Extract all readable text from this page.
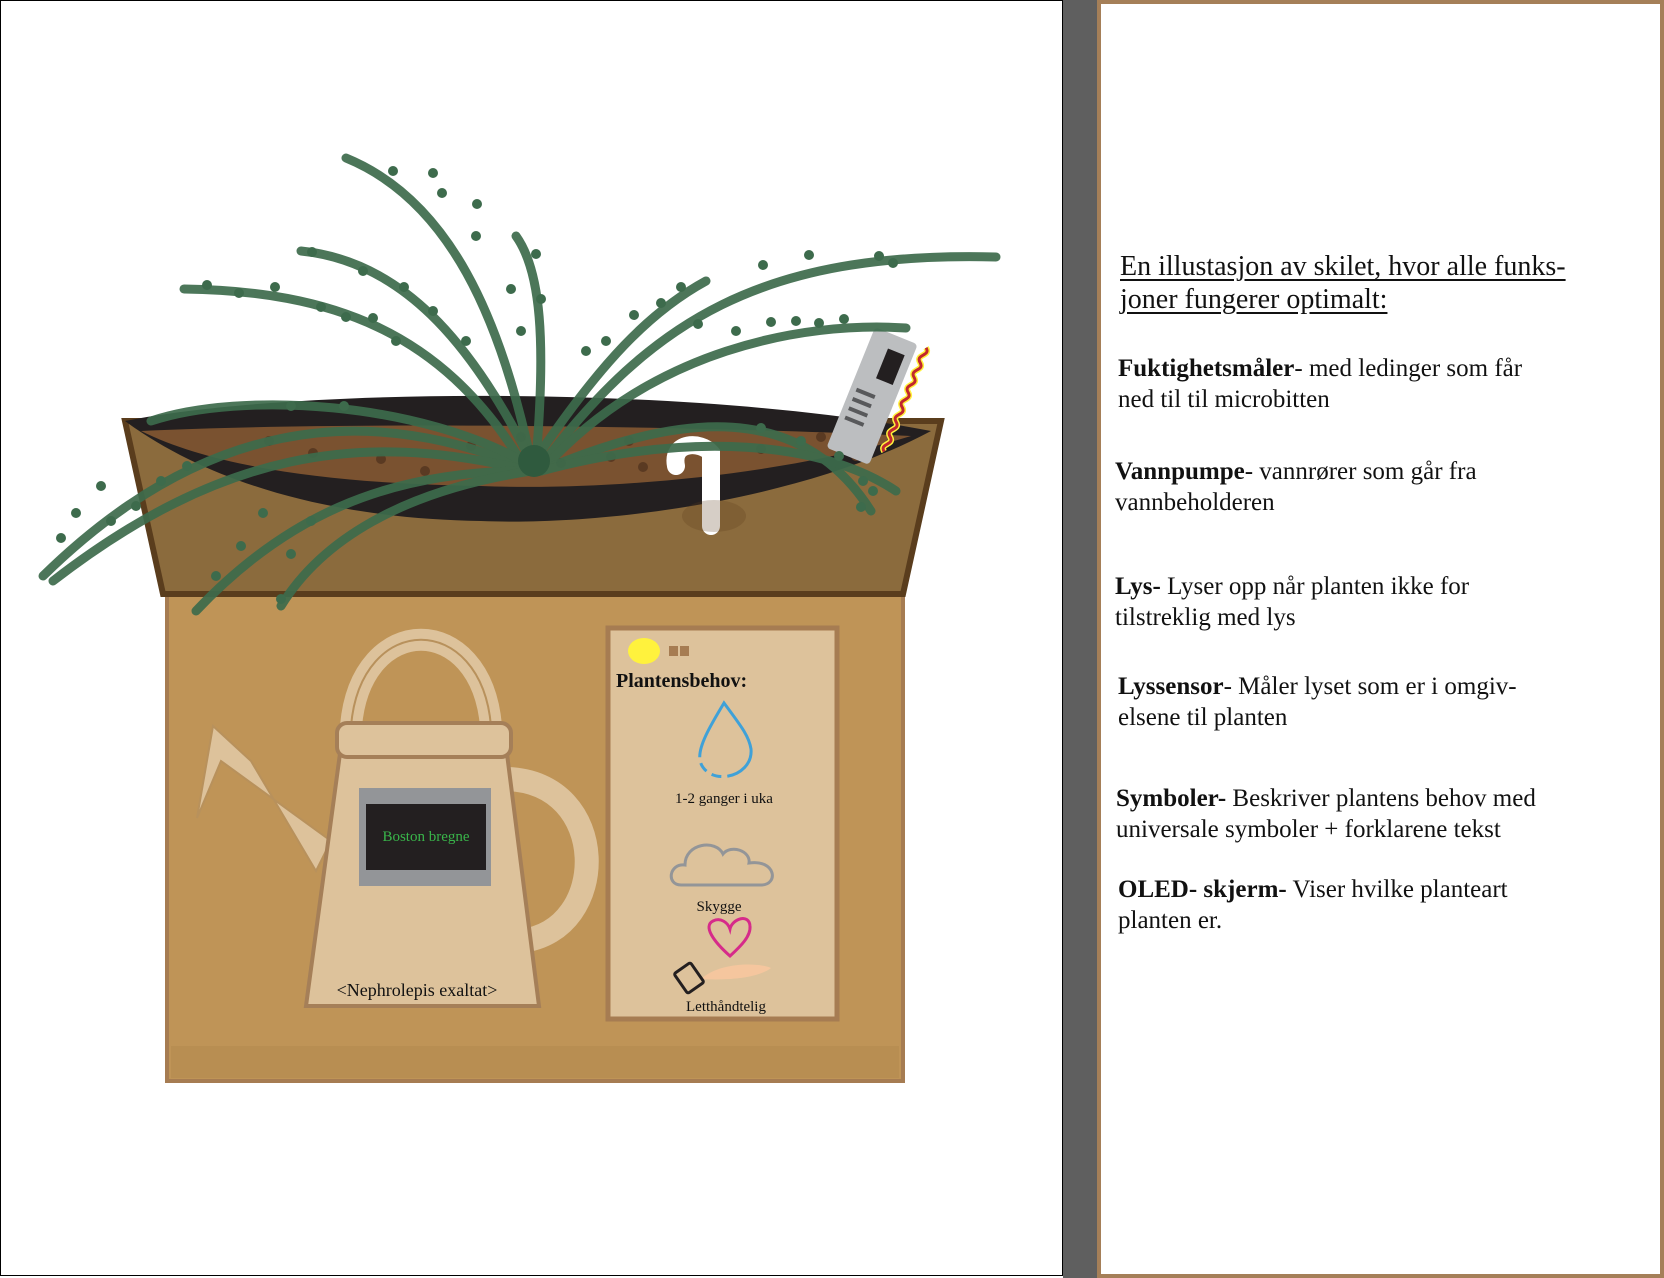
Boston bregne
<Nephrolepis exaltat>
Plantensbehov:
1-2 ganger i uka
Skygge
Letthåndtelig
En illustasjon av skilet, hvor alle funks-
joner fungerer optimalt:
Fuktighetsmåler- med ledinger som får
ned til til microbitten
Vannpumpe- vannrører som går fra
vannbeholderen
Lys- Lyser opp når planten ikke for
tilstreklig med lys
Lyssensor- Måler lyset som er i omgiv-
elsene til planten
Symboler- Beskriver plantens behov med
universale symboler + forklarene tekst
OLED- skjerm- Viser hvilke planteart
planten er.
